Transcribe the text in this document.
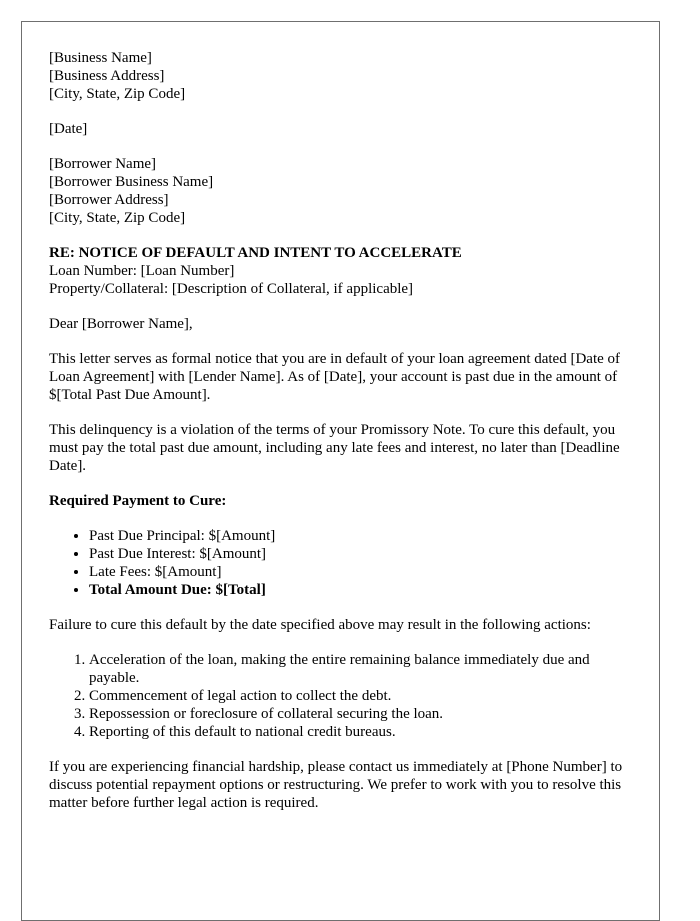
[Business Name]
[Business Address]
[City, State, Zip Code]
[Date]
[Borrower Name]
[Borrower Business Name]
[Borrower Address]
[City, State, Zip Code]
RE: NOTICE OF DEFAULT AND INTENT TO ACCELERATE
Loan Number: [Loan Number]
Property/Collateral: [Description of Collateral, if applicable]

Dear [Borrower Name],

This letter serves as formal notice that you are in default of your loan agreement dated [Date of Loan Agreement] with [Lender Name]. As of [Date], your account is past due in the amount of $[Total Past Due Amount].

This delinquency is a violation of the terms of your Promissory Note. To cure this default, you must pay the total past due amount, including any late fees and interest, no later than [Deadline Date].

Required Payment to Cure:

• Past Due Principal: $[Amount]
• Past Due Interest: $[Amount]
• Late Fees: $[Amount]
• Total Amount Due: $[Total]

Failure to cure this default by the date specified above may result in the following actions:

1. Acceleration of the loan, making the entire remaining balance immediately due and payable.
2. Commencement of legal action to collect the debt.
3. Repossession or foreclosure of collateral securing the loan.
4. Reporting of this default to national credit bureaus.

If you are experiencing financial hardship, please contact us immediately at [Phone Number] to discuss potential repayment options or restructuring. We prefer to work with you to resolve this matter before further legal action is required.
